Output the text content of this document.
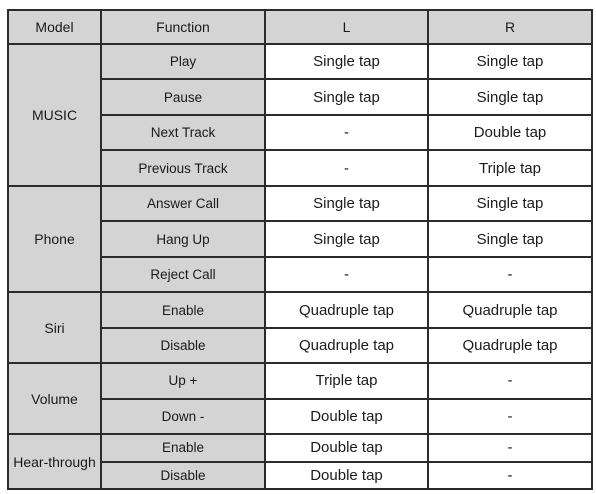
Model	Function	L	R
MUSIC	Play	Single tap	Single tap
	Pause	Single tap	Single tap
	Next Track	-	Double tap
	Previous Track	-	Triple tap
Phone	Answer Call	Single tap	Single tap
	Hang Up	Single tap	Single tap
	Reject Call	-	-
Siri	Enable	Quadruple tap	Quadruple tap
	Disable	Quadruple tap	Quadruple tap
Volume	Up +	Triple tap	-
	Down -	Double tap	-
Hear-through	Enable	Double tap	-
	Disable	Double tap	-
